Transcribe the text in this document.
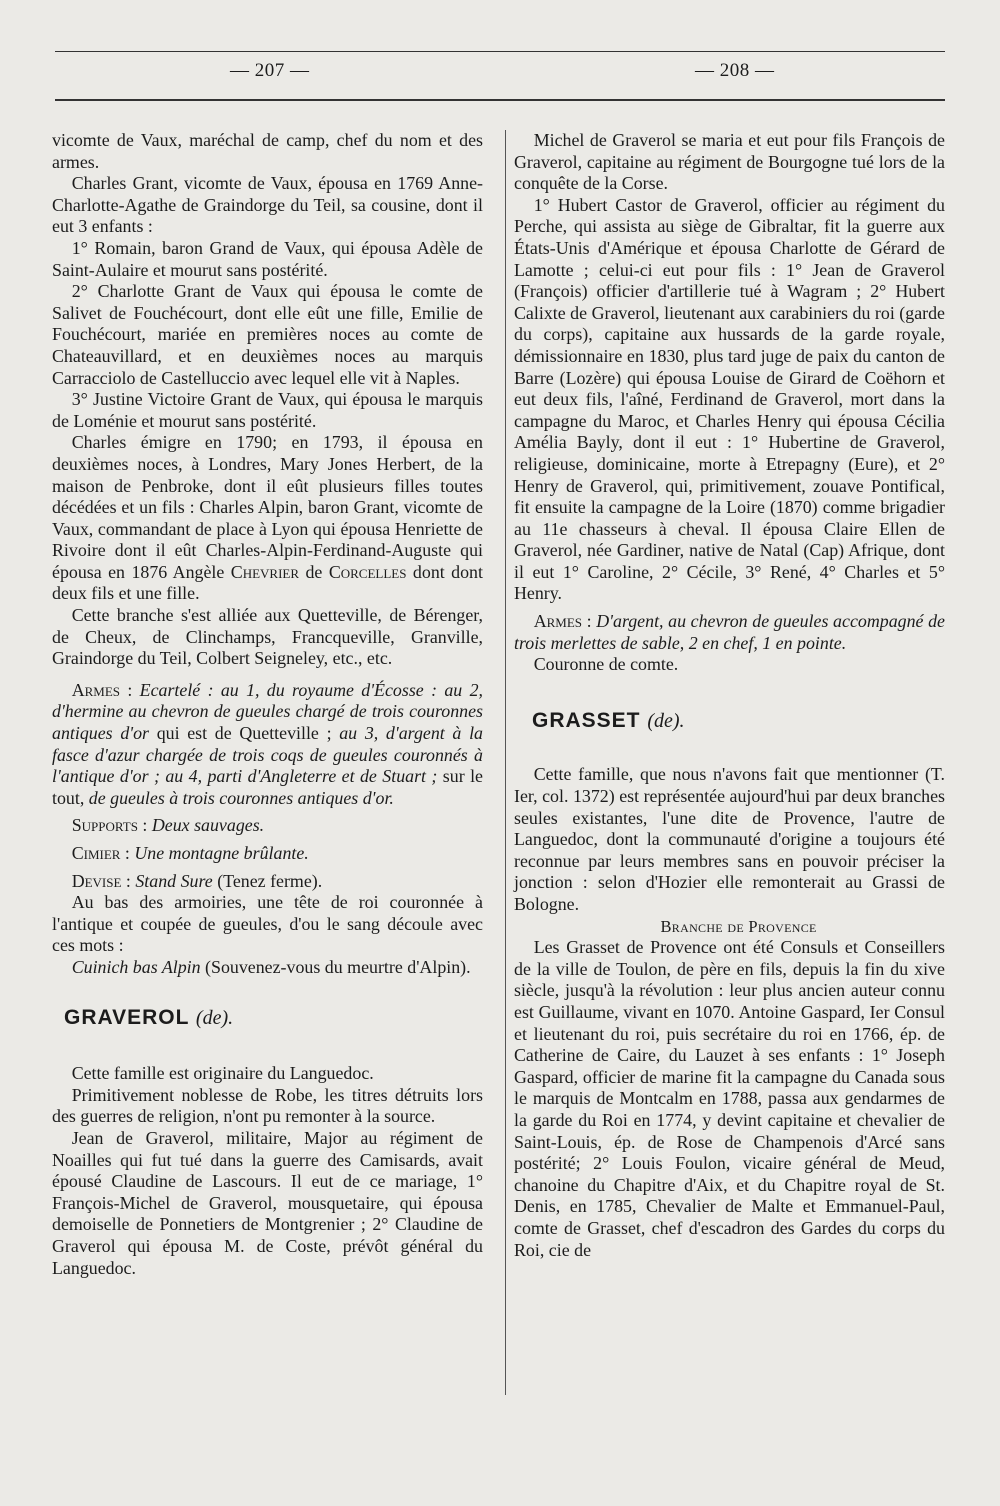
— 207 —	— 208 —

vicomte de Vaux, maréchal de camp, chef du nom et des armes.

Charles Grant, vicomte de Vaux, épousa en 1769 Anne-Charlotte-Agathe de Graindorge du Teil, sa cousine, dont il eut 3 enfants :

1° Romain, baron Grand de Vaux, qui épousa Adèle de Saint-Aulaire et mourut sans postérité.

2° Charlotte Grant de Vaux qui épousa le comte de Salivet de Fouchécourt, dont elle eût une fille, Emilie de Fouchécourt, mariée en premières noces au comte de Chateauvillard, et en deuxièmes noces au marquis Carracciolo de Castelluccio avec lequel elle vit à Naples.

3° Justine Victoire Grant de Vaux, qui épousa le marquis de Loménie et mourut sans postérité.

Charles émigre en 1790; en 1793, il épousa en deuxièmes noces, à Londres, Mary Jones Herbert, de la maison de Penbroke, dont il eût plusieurs filles toutes décédées et un fils : Charles Alpin, baron Grant, vicomte de Vaux, commandant de place à Lyon qui épousa Henriette de Rivoire dont il eût Charles-Alpin-Ferdinand-Auguste qui épousa en 1876 Angèle Chevrier de Corcelles dont dont deux fils et une fille.

Cette branche s'est alliée aux Quetteville, de Bérenger, de Cheux, de Clinchamps, Francqueville, Granville, Graindorge du Teil, Colbert Seigneley, etc., etc.

Armes : Ecartelé : au 1, du royaume d'Écosse : au 2, d'hermine au chevron de gueules chargé de trois couronnes antiques d'or qui est de Quetteville ; au 3, d'argent à la fasce d'azur chargée de trois coqs de gueules couronnés à l'antique d'or ; au 4, parti d'Angleterre et de Stuart ; sur le tout, de gueules à trois couronnes antiques d'or.

Supports : Deux sauvages.

Cimier : Une montagne brûlante.

Devise : Stand Sure (Tenez ferme).

Au bas des armoiries, une tête de roi couronnée à l'antique et coupée de gueules, d'ou le sang découle avec ces mots :

Cuinich bas Alpin (Souvenez-vous du meurtre d'Alpin).

GRAVEROL (de).

Cette famille est originaire du Languedoc.

Primitivement noblesse de Robe, les titres détruits lors des guerres de religion, n'ont pu remonter à la source.

Jean de Graverol, militaire, Major au régiment de Noailles qui fut tué dans la guerre des Camisards, avait épousé Claudine de Lascours. Il eut de ce mariage, 1° François-Michel de Graverol, mousquetaire, qui épousa demoiselle de Ponnetiers de Montgrenier ; 2° Claudine de Graverol qui épousa M. de Coste, prévôt général du Languedoc.

Michel de Graverol se maria et eut pour fils François de Graverol, capitaine au régiment de Bourgogne tué lors de la conquête de la Corse.

1° Hubert Castor de Graverol, officier au régiment du Perche, qui assista au siège de Gibraltar, fit la guerre aux États-Unis d'Amérique et épousa Charlotte de Gérard de Lamotte ; celui-ci eut pour fils : 1° Jean de Graverol (François) officier d'artillerie tué à Wagram ; 2° Hubert Calixte de Graverol, lieutenant aux carabiniers du roi (garde du corps), capitaine aux hussards de la garde royale, démissionnaire en 1830, plus tard juge de paix du canton de Barre (Lozère) qui épousa Louise de Girard de Coëhorn et eut deux fils, l'aîné, Ferdinand de Graverol, mort dans la campagne du Maroc, et Charles Henry qui épousa Cécilia Amélia Bayly, dont il eut : 1° Hubertine de Graverol, religieuse, dominicaine, morte à Etrepagny (Eure), et 2° Henry de Graverol, qui, primitivement, zouave Pontifical, fit ensuite la campagne de la Loire (1870) comme brigadier au 11e chasseurs à cheval. Il épousa Claire Ellen de Graverol, née Gardiner, native de Natal (Cap) Afrique, dont il eut 1° Caroline, 2° Cécile, 3° René, 4° Charles et 5° Henry.

Armes : D'argent, au chevron de gueules accompagné de trois merlettes de sable, 2 en chef, 1 en pointe.

Couronne de comte.

GRASSET (de).

Cette famille, que nous n'avons fait que mentionner (T. Ier, col. 1372) est représentée aujourd'hui par deux branches seules existantes, l'une dite de Provence, l'autre de Languedoc, dont la communauté d'origine a toujours été reconnue par leurs membres sans en pouvoir préciser la jonction : selon d'Hozier elle remonterait au Grassi de Bologne.

Branche de Provence

Les Grasset de Provence ont été Consuls et Conseillers de la ville de Toulon, de père en fils, depuis la fin du xive siècle, jusqu'à la révolution : leur plus ancien auteur connu est Guillaume, vivant en 1070. Antoine Gaspard, Ier Consul et lieutenant du roi, puis secrétaire du roi en 1766, ép. de Catherine de Caire, du Lauzet à ses enfants : 1° Joseph Gaspard, officier de marine fit la campagne du Canada sous le marquis de Montcalm en 1788, passa aux gendarmes de la garde du Roi en 1774, y devint capitaine et chevalier de Saint-Louis, ép. de Rose de Champenois d'Arcé sans postérité; 2° Louis Foulon, vicaire général de Meud, chanoine du Chapitre d'Aix, et du Chapitre royal de St. Denis, en 1785, Chevalier de Malte et Emmanuel-Paul, comte de Grasset, chef d'escadron des Gardes du corps du Roi, cie de
